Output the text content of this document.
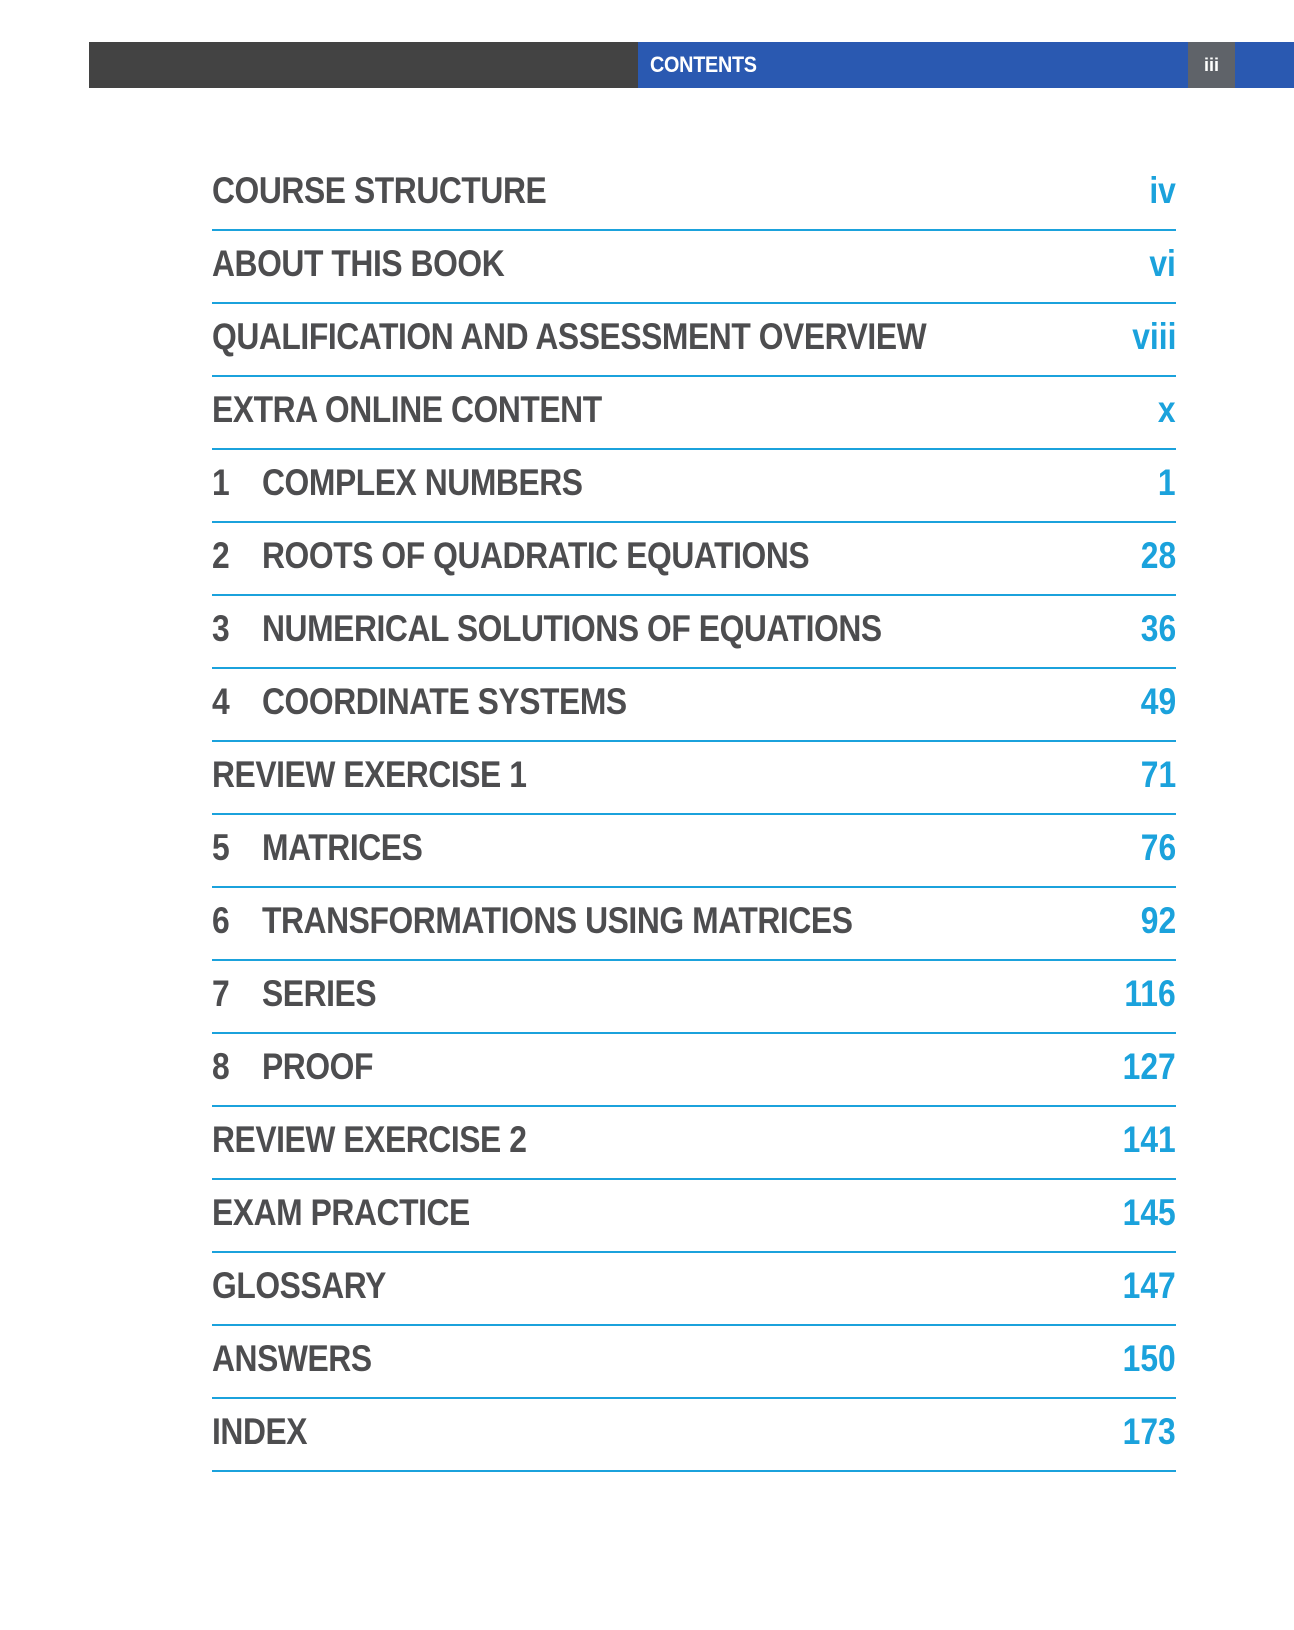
CONTENTS	iii
COURSE STRUCTURE	iv
ABOUT THIS BOOK	vi
QUALIFICATION AND ASSESSMENT OVERVIEW	viii
EXTRA ONLINE CONTENT	x
1 COMPLEX NUMBERS	1
2 ROOTS OF QUADRATIC EQUATIONS	28
3 NUMERICAL SOLUTIONS OF EQUATIONS	36
4 COORDINATE SYSTEMS	49
REVIEW EXERCISE 1	71
5 MATRICES	76
6 TRANSFORMATIONS USING MATRICES	92
7 SERIES	116
8 PROOF	127
REVIEW EXERCISE 2	141
EXAM PRACTICE	145
GLOSSARY	147
ANSWERS	150
INDEX	173
